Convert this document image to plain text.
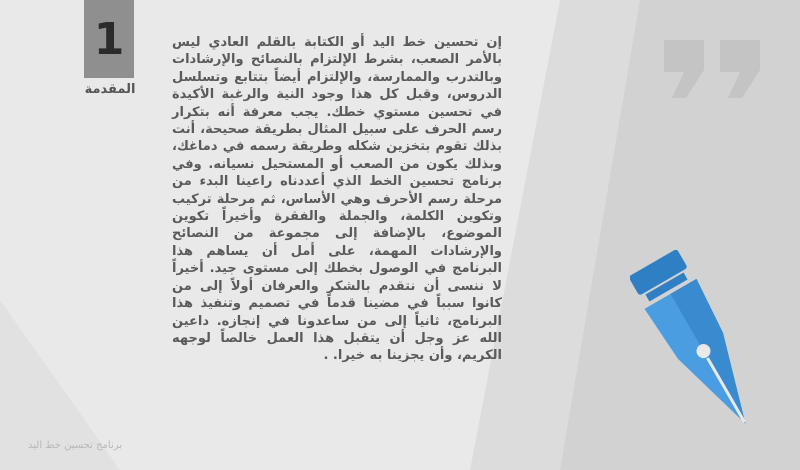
1
المقدمة

إن تحسين خط اليد أو الكتابة بالقلم العادي ليس بالأمر الصعب، بشرط الإلتزام بالنصائح والإرشادات وبالتدرب والممارسة، والإلتزام أيضاً بتتابع وتسلسل الدروس، وقبل كل هذا وجود النية والرغبة الأكيدة في تحسين مستوي خطك. يجب معرفة أنه بتكرار رسم الحرف على سبيل المثال بطريقة صحيحة، أنت بذلك تقوم بتخزين شكله وطريقة رسمه في دماغك، وبذلك يكون من الصعب أو المستحيل نسيانه. وفي برنامج تحسين الخط الذي أعددناه راعينا البدء من مرحلة رسم الأحرف وهي الأساس، ثم مرحلة تركيب وتكوين الكلمة، والجملة والفقرة وأخيراً تكوين الموضوع، بالإضافة إلى مجموعة من النصائح والإرشادات المهمة، على أمل أن يساهم هذا البرنامج في الوصول بخطك إلى مستوى جيد. أخيراً لا ننسى أن نتقدم بالشكر والعرفان أولاً إلى من كانوا سبباً في مضينا قدماً في تصميم وتنفيذ هذا البرنامج، ثانياً إلى من ساعدونا في إنجازه. داعين الله عز وجل أن يتقبل هذا العمل خالصاً لوجهه الكريم، وأن يجزينا به خيرا. .

برنامج تحسين خط اليد
